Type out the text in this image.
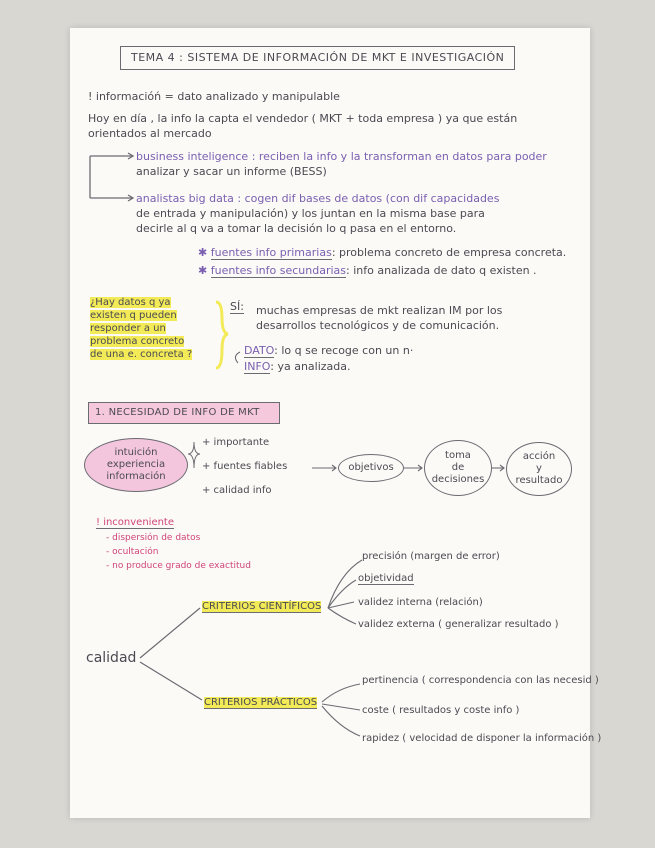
TEMA 4 : SISTEMA DE INFORMACIÓN DE MKT E INVESTIGACIÓN
! informacióń = dato analizado y manipulable
Hoy en día , la info la capta el vendedor ( MKT + toda empresa ) ya que están
orientados al mercado
business inteligence : reciben la info y la transforman en datos para poder
analizar y sacar un informe (BESS)
analistas big data : cogen dif bases de datos (con dif capacidades
de entrada y manipulación) y los juntan en la misma base para
decirle al q va a tomar la decisión lo q pasa en el entorno.
✱ fuentes info primarias: problema concreto de empresa concreta.
✱ fuentes info secundarias: info analizada de dato q existen .
¿Hay datos q ya
existen q pueden
responder a un
problema concreto
de una e. concreta ?
SÍ: muchas empresas de mkt realizan IM por los
desarrollos tecnológicos y de comunicación.
DATO: lo q se recoge con un n·
INFO: ya analizada.
1. NECESIDAD DE INFO DE MKT
intuición
experiencia
información
+ importante
+ fuentes fiables
+ calidad info
objetivos
toma
de
decisiones
acción
y
resultado
! inconveniente
- dispersión de datos
- ocultación
- no produce grado de exactitud
calidad
CRITERIOS CIENTÍFICOS
precisión (margen de error)
objetividad
validez interna (relación)
validez externa ( generalizar resultado )
CRITERIOS PRÁCTICOS
pertinencia ( correspondencia con las necesid )
coste ( resultados y coste info )
rapidez ( velocidad de disponer la información )
